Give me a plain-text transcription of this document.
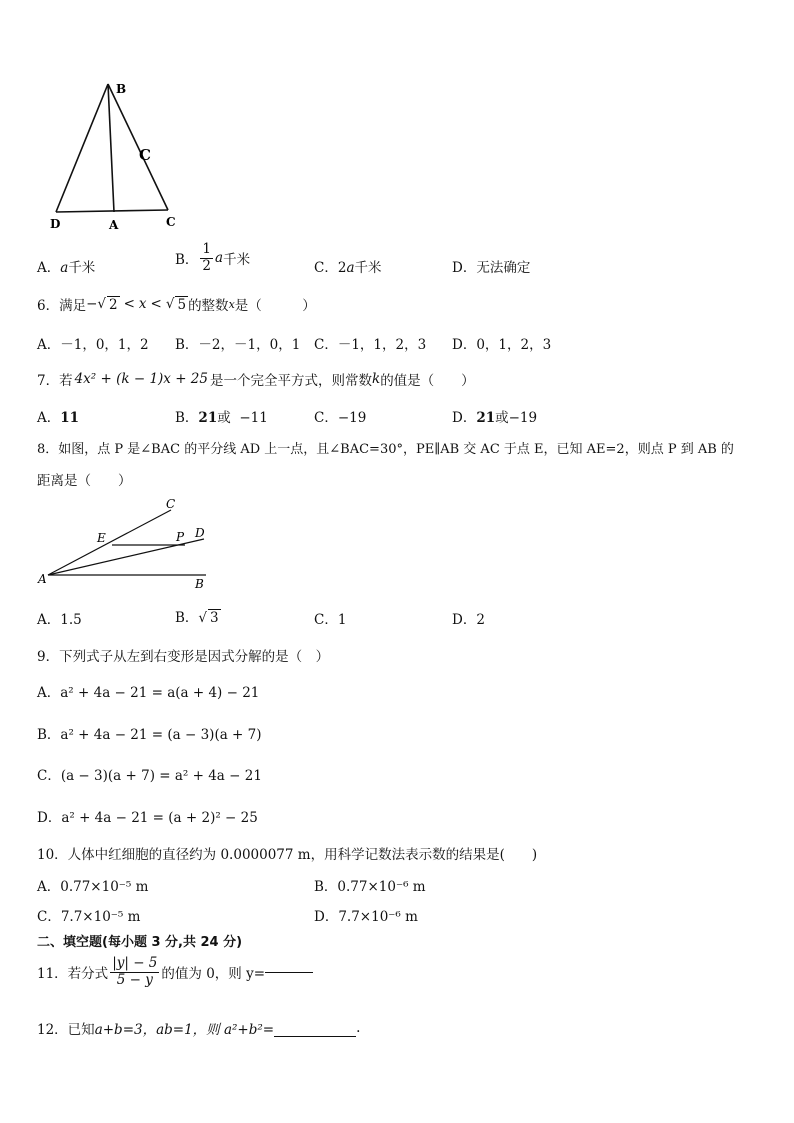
B
C
D	A	C
A．a千米	B． $\frac{1}{2}$ a 千米	C．2a千米	D．无法确定
6．满足 − √ 2 < x < √ 5 的整数 x 是（　　　）
A．－1，0，1，2 B．－2，－1，0，1 C．－1，1，2，3 D．0，1，2，3
7．若 4x² + (k − 1)x + 25 是一个完全平方式，则常数 k 的值是（　　）
A．11	B．21或 −11	C．−19	D．21或−19
8．如图，点 P 是∠BAC 的平分线 AD 上一点，且∠BAC=30°，PE∥AB 交 AC 于点 E，已知 AE=2，则点 P 到 AB 的
距离是（　　）
C
E	P D
A	B
A．1.5	B．√ 3	C．1	D．2
9．下列式子从左到右变形是因式分解的是（　）
A．a² + 4a − 21 = a(a + 4) − 21
B．a² + 4a − 21 = (a − 3)(a + 7)
C．(a − 3)(a + 7) = a² + 4a − 21
D．a² + 4a − 21 = (a + 2)² − 25
10．人体中红细胞的直径约为 0.0000077 m，用科学记数法表示数的结果是(　　)
A．0.77×10⁻⁵ m	B．0.77×10⁻⁶ m
C．7.7×10⁻⁵ m	D．7.7×10⁻⁶ m
二、填空题(每小题 3 分,共 24 分)
11．若分式 $\frac{|y| - 5}{5 - y}$ 的值为 0，则 y=
12．已知 a+b=3，ab=1，则 a²+b²=	.
